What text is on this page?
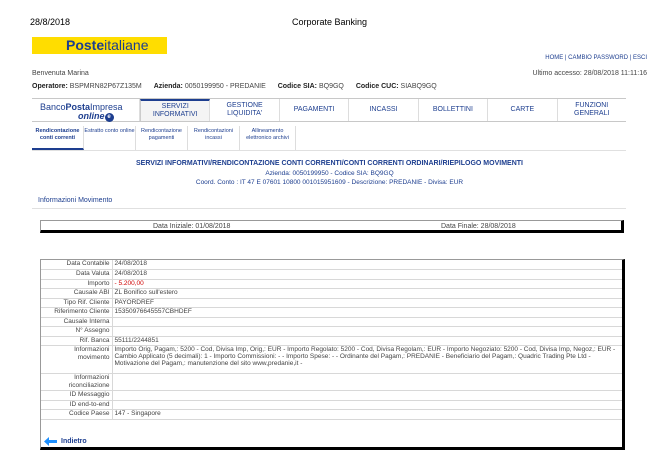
28/8/2018	Corporate Banking
Posteitaliane
HOME | CAMBIO PASSWORD | ESCI
Benvenuta Marina	Ultimo accesso: 28/08/2018 11:11:16
Operatore: BSPMRN82P67Z135M Azienda: 0050199950 - PREDANIE Codice SIA: BQ9GQ Codice CUC: SIABQ9GQ
BancoPostaImpresa
online e
SERVIZI INFORMATIVI
GESTIONE LIQUIDITA'
PAGAMENTI	INCASSI	BOLLETTINI	CARTE
FUNZIONI GENERALI
Rendicontazione conti correnti
Estratto conto online	Rendicontazione pagamenti
Rendicontazioni incassi
Allineamento elettronico archivi
SERVIZI INFORMATIVI/RENDICONTAZIONE CONTI CORRENTI/CONTI CORRENTI ORDINARI/RIEPILOGO MOVIMENTI
Azienda: 0050199950 - Codice SIA: BQ9GQ
Coord. Conto : IT 47 E 07601 10800 001015951609 - Descrizione: PREDANIE - Divisa: EUR
Informazioni Movimento
Data Iniziale: 01/08/2018	Data Finale: 28/08/2018
Data Contabile	24/08/2018
Data Valuta	24/08/2018
Importo	- 5.200,00
Causale ABI	ZL Bonifico sull'estero
Tipo Rif. Cliente	PAYORDREF
Riferimento Cliente	15350976645557CBHDEF
Causale Interna	
N° Assegno	
Rif. Banca	55111/2244851
Informazioni movimento	Importo Orig, Pagam,: 5200 - Cod, Divisa Imp, Orig,: EUR - Importo Regolato: 5200 - Cod, Divisa Regolam,: EUR - Importo Negoziato: 5200 - Cod, Divisa Imp, Negoz,: EUR - Cambio Applicato (5 decimali): 1 - Importo Commissioni: - - Importo Spese: - - Ordinante del Pagam,: PREDANIE - Beneficiario del Pagam,: Quadric Trading Pte Ltd - Motivazione del Pagam,: manutenzione del sito www,predanie,it -
Informazioni riconciliazione	
ID Messaggio	
ID end-to-end	
Codice Paese	147 - Singapore
Indietro
